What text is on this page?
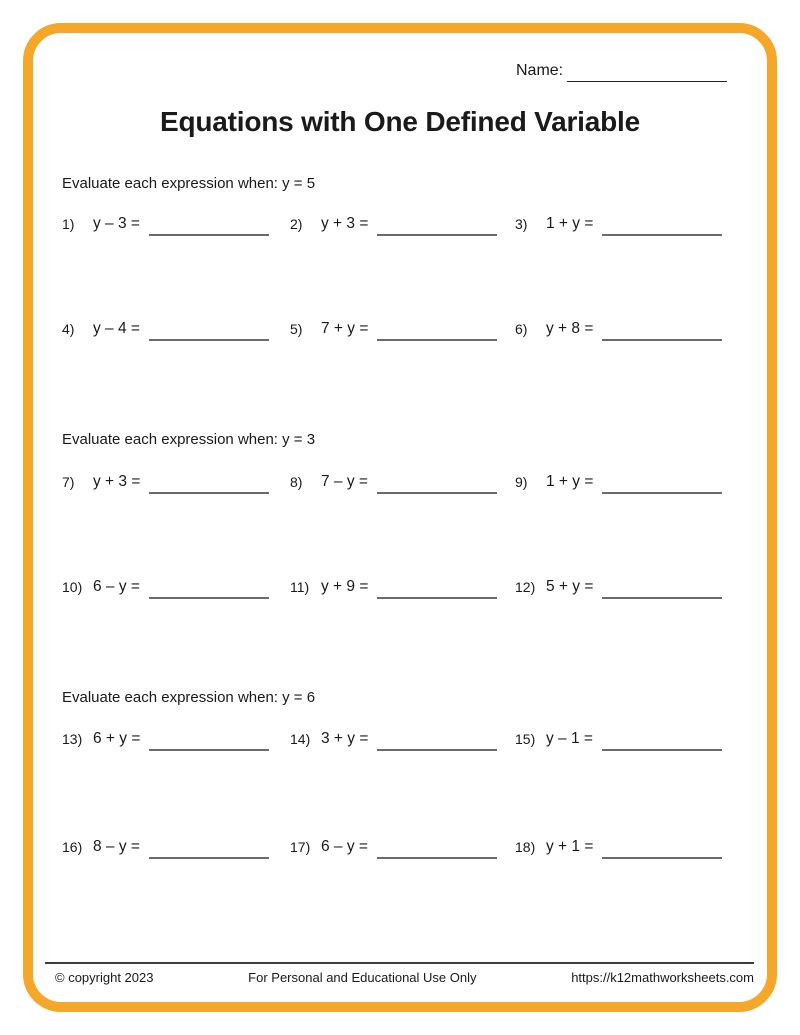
Name:
Equations with One Defined Variable
Evaluate each expression when: y = 5
1)	y – 3 =	2)	y + 3 =	3)	1 + y =
4)	y – 4 =	5)	7 + y =	6)	y + 8 =
Evaluate each expression when: y = 3
7)	y + 3 =	8)	7 – y =	9)	1 + y =
10) 6 – y =	11) y + 9 =	12) 5 + y =
Evaluate each expression when: y = 6
13) 6 + y =	14) 3 + y =	15) y – 1 =
16) 8 – y =	17) 6 – y =	18) y + 1 =
© copyright 2023	For Personal and Educational Use Only	https://k12mathworksheets.com
